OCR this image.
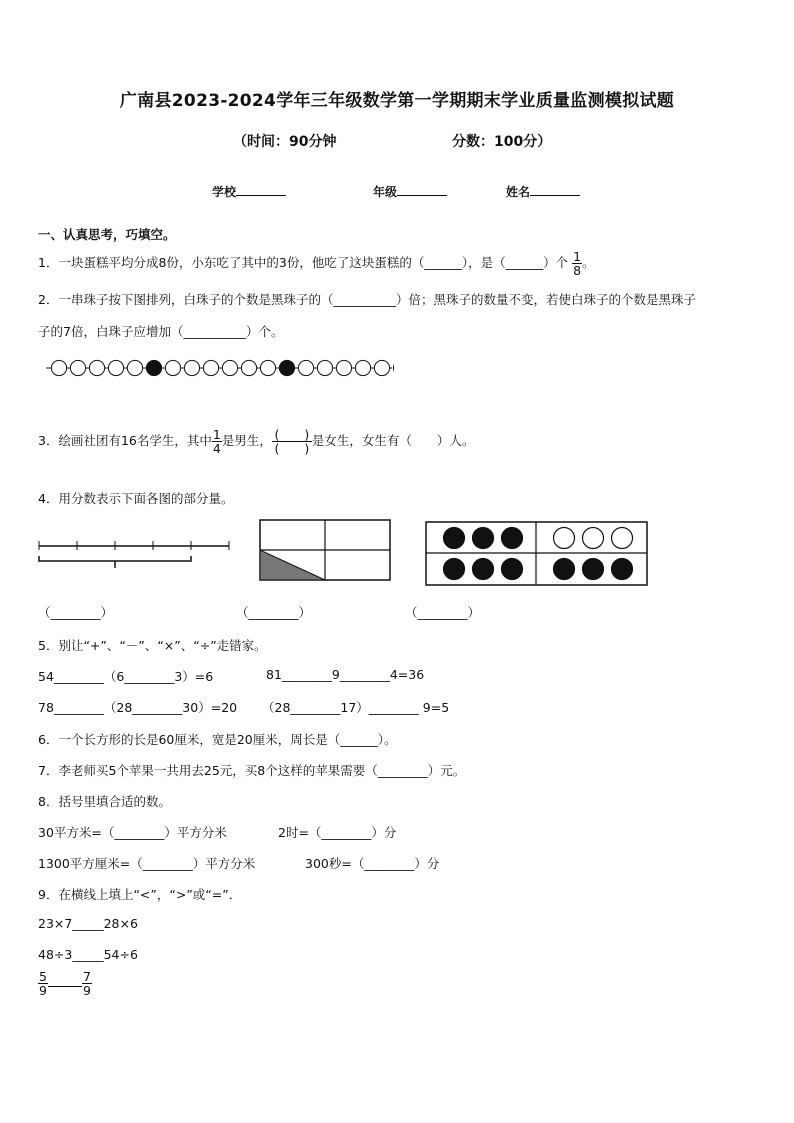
广南县2023-2024学年三年级数学第一学期期末学业质量监测模拟试题
（时间：90分钟	分数：100分）
学校	年级	姓名
一、认真思考，巧填空。
1．一块蛋糕平均分成8份，小东吃了其中的3份，他吃了这块蛋糕的（______），是（______）个 $\frac{1}{8}$ 。
2．一串珠子按下图排列，白珠子的个数是黑珠子的（__________）倍；黑珠子的数量不变，若使白珠子的个数是黑珠子
子的7倍，白珠子应增加（__________）个。
3．绘画社团有16名学生，其中 $\frac{1}{4}$ 是男生， $\frac{( )}{( )}$ 是女生，女生有（　　）人。
4．用分数表示下面各图的部分量。
（________）	（________）	（________）
5．别让“+”、“－”、“×”、“÷”走错家。
54________（6________3）=6	81________9________4=36
78________（28________30）=20 （28________17）________ 9=5
6．一个长方形的长是60厘米，宽是20厘米，周长是（______）。
7．李老师买5个苹果一共用去25元，买8个这样的苹果需要（________）元。
8．括号里填合适的数。
30平方米=（________）平方分米	2时=（________）分
1300平方厘米=（________）平方分米	300秒=（________）分
9．在横线上填上“<”，“>”或“=”．
23×7_____28×6
48÷3_____54÷6
$\frac{5}{9}$	$\frac{7}{9}$
